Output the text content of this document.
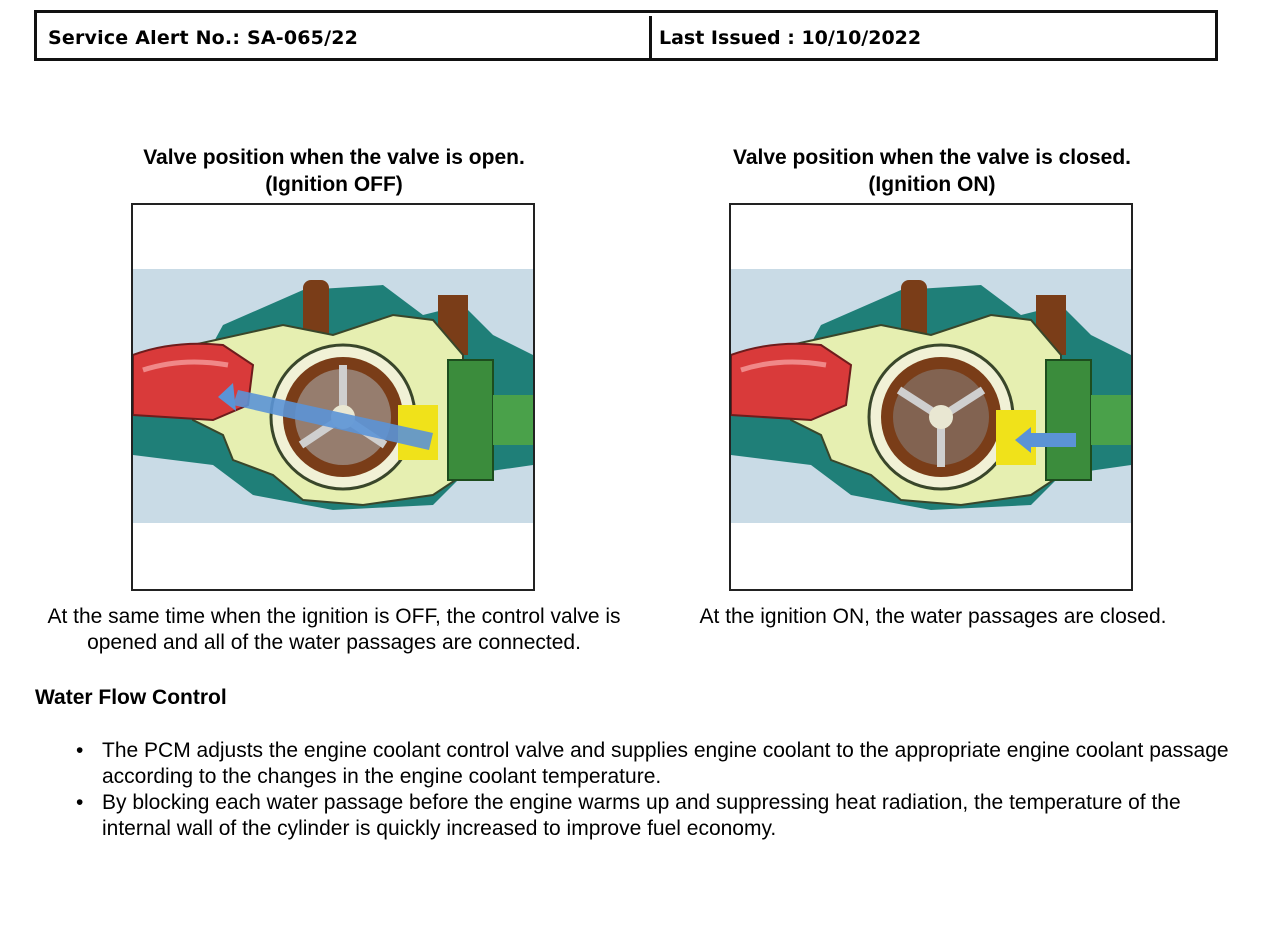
Service Alert No.: SA-065/22	Last Issued : 10/10/2022
Valve position when the valve is open.
(Ignition OFF)
Valve position when the valve is closed.
(Ignition ON)
At the same time when the ignition is OFF, the control valve is opened and all of the water passages are connected.
At the ignition ON, the water passages are closed.
Water Flow Control
• The PCM adjusts the engine coolant control valve and supplies engine coolant to the appropriate engine coolant passage according to the changes in the engine coolant temperature.
• By blocking each water passage before the engine warms up and suppressing heat radiation, the temperature of the internal wall of the cylinder is quickly increased to improve fuel economy.
